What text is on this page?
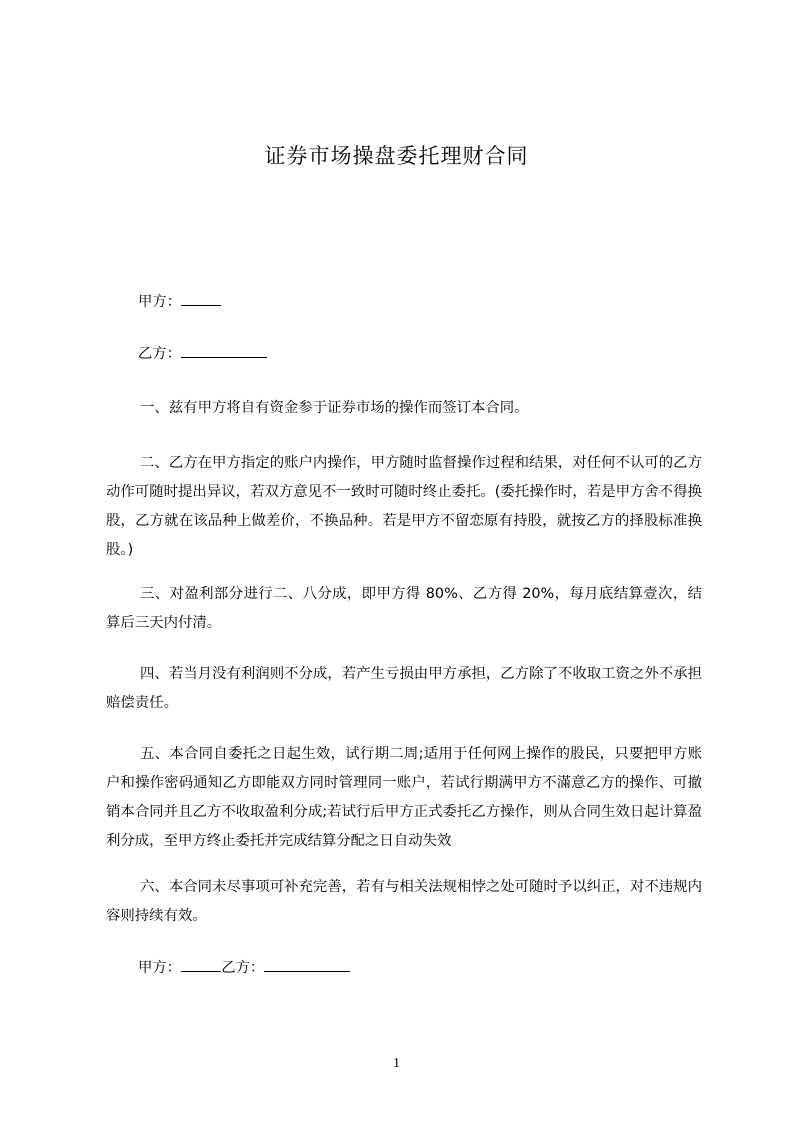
证券市场操盘委托理财合同
甲方：
乙方：
一、兹有甲方将自有资金参于证券市场的操作而签订本合同。
二、乙方在甲方指定的账户内操作，甲方随时监督操作过程和结果，对任何不认可的乙方动作可随时提出异议，若双方意见不一致时可随时终止委托。(委托操作时，若是甲方舍不得换股，乙方就在该品种上做差价，不换品种。若是甲方不留恋原有持股，就按乙方的择股标准换股。)
三、对盈利部分进行二、八分成，即甲方得 80%、乙方得 20%，每月底结算壹次，结算后三天内付清。
四、若当月没有利润则不分成，若产生亏损由甲方承担，乙方除了不收取工资之外不承担赔偿责任。
五、本合同自委托之日起生效，试行期二周;适用于任何网上操作的股民，只要把甲方账户和操作密码通知乙方即能双方同时管理同一账户，若试行期满甲方不滿意乙方的操作、可撤销本合同并且乙方不收取盈利分成;若试行后甲方正式委托乙方操作，则从合同生效日起计算盈利分成，至甲方终止委托并完成结算分配之日自动失效
六、本合同未尽事项可补充完善，若有与相关法规相悖之处可随时予以纠正，对不违规内容则持续有效。
甲方：	乙方：
1
